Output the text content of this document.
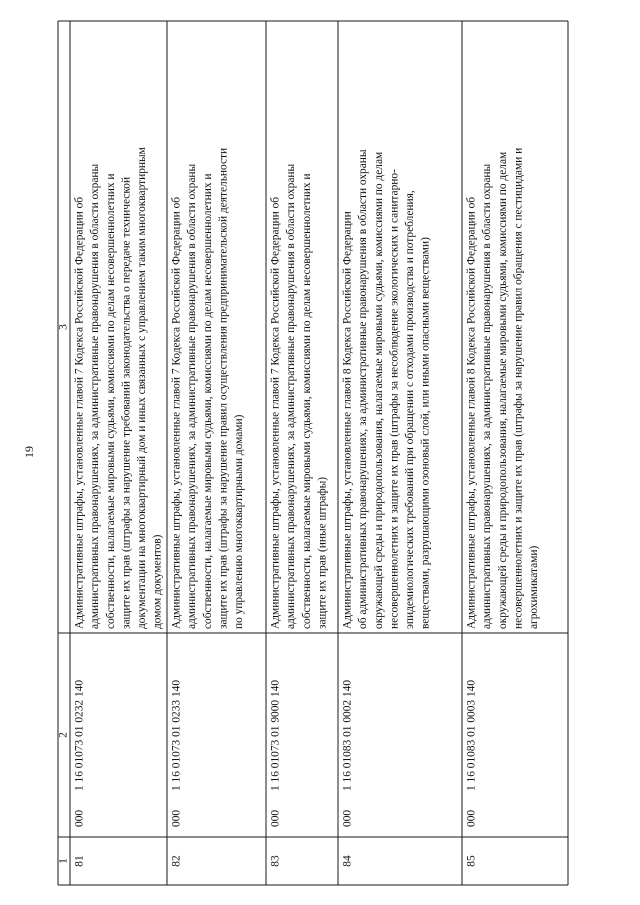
19
1
2
3
81
000
1 16 01073 01 0232 140
Административные штрафы, установленные главой 7 Кодекса Российской Федерации об административных правонарушениях, за административные правонарушения в области охраны собственности, налагаемые мировыми судьями, комиссиями по делам несовершеннолетних и защите их прав (штрафы за нарушение требований законодательства о передаче технической документации на многоквартирный дом и иных связанных с управлением таким многоквартирным домом документов)
82
000
1 16 01073 01 0233 140
Административные штрафы, установленные главой 7 Кодекса Российской Федерации об административных правонарушениях, за административные правонарушения в области охраны собственности, налагаемые мировыми судьями, комиссиями по делам несовершеннолетних и защите их прав (штрафы за нарушение правил осуществления предпринимательской деятельности по управлению многоквартирными домами)
83
000
1 16 01073 01 9000 140
Административные штрафы, установленные главой 7 Кодекса Российской Федерации об административных правонарушениях, за административные правонарушения в области охраны собственности, налагаемые мировыми судьями, комиссиями по делам несовершеннолетних и защите их прав (иные штрафы)
84
000
1 16 01083 01 0002 140
Административные штрафы, установленные главой 8 Кодекса Российской Федерации об административных правонарушениях, за административные правонарушения в области охраны окружающей среды и природопользования, налагаемые мировыми судьями, комиссиями по делам несовершеннолетних и защите их прав (штрафы за несоблюдение экологических и санитарно- эпидемиологических требований при обращении с отходами производства и потребления, веществами, разрушающими озоновый слой, или иными опасными веществами)
85
000
1 16 01083 01 0003 140
Административные штрафы, установленные главой 8 Кодекса Российской Федерации об административных правонарушениях, за административные правонарушения в области охраны окружающей среды и природопользования, налагаемые мировыми судьями, комиссиями по делам несовершеннолетних и защите их прав (штрафы за нарушение правил обращения с пестицидами и агрохимикатами)
